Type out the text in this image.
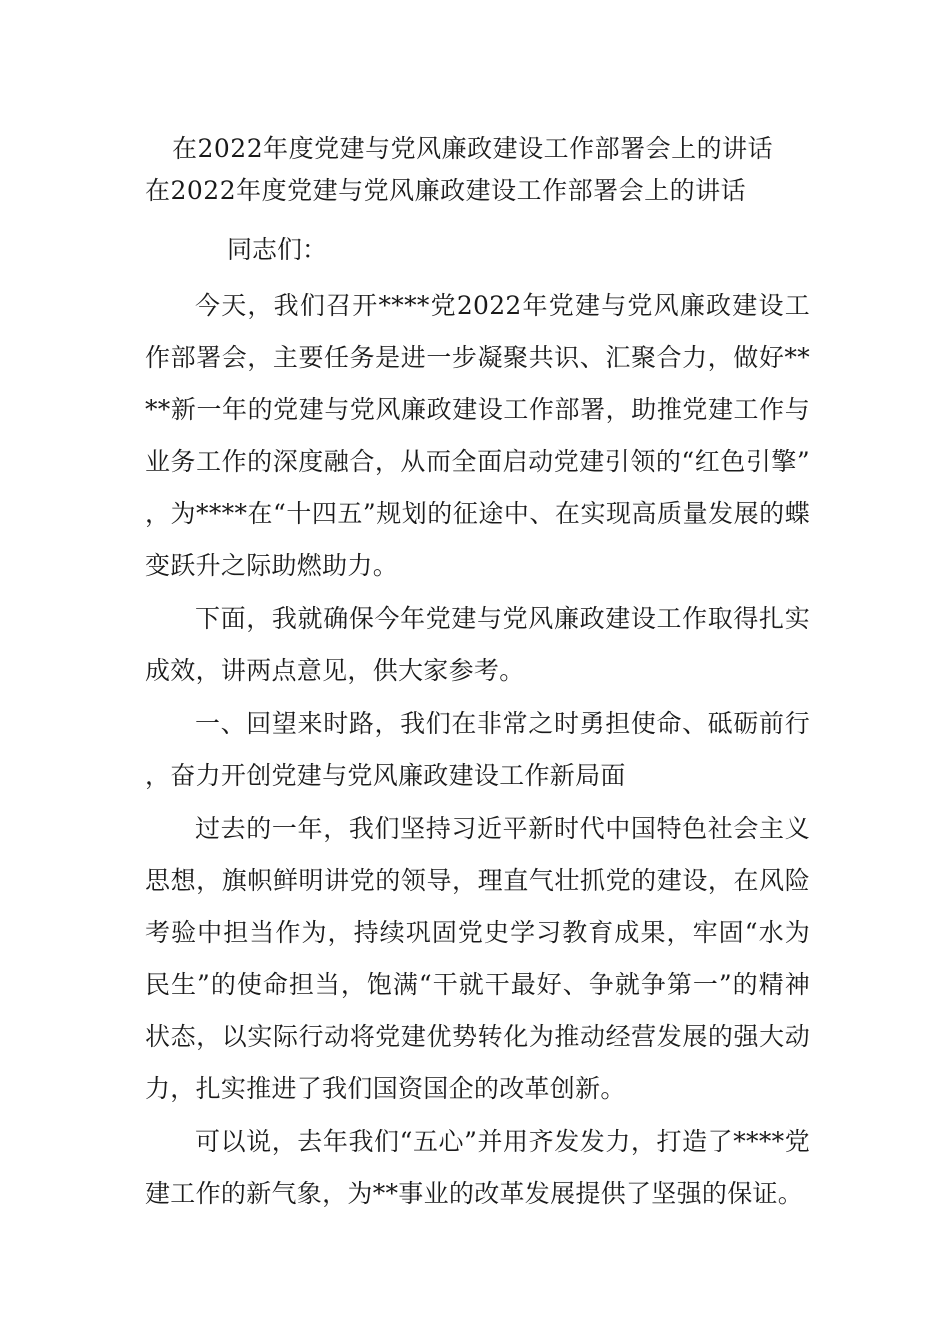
在2022年度党建与党风廉政建设工作部署会上的讲话
在2022年度党建与党风廉政建设工作部署会上的讲话

同志们：

今天，我们召开****党2022年党建与党风廉政建设工作部署会，主要任务是进一步凝聚共识、汇聚合力，做好****新一年的党建与党风廉政建设工作部署，助推党建工作与业务工作的深度融合，从而全面启动党建引领的“红色引擎”，为****在“十四五”规划的征途中、在实现高质量发展的蝶变跃升之际助燃助力。

下面，我就确保今年党建与党风廉政建设工作取得扎实成效，讲两点意见，供大家参考。

一、回望来时路，我们在非常之时勇担使命、砥砺前行，奋力开创党建与党风廉政建设工作新局面

过去的一年，我们坚持习近平新时代中国特色社会主义思想，旗帜鲜明讲党的领导，理直气壮抓党的建设，在风险考验中担当作为，持续巩固党史学习教育成果，牢固“水为民生”的使命担当，饱满“干就干最好、争就争第一”的精神状态，以实际行动将党建优势转化为推动经营发展的强大动力，扎实推进了我们国资国企的改革创新。

可以说，去年我们“五心”并用齐发发力，打造了****党建工作的新气象，为**事业的改革发展提供了坚强的保证。
